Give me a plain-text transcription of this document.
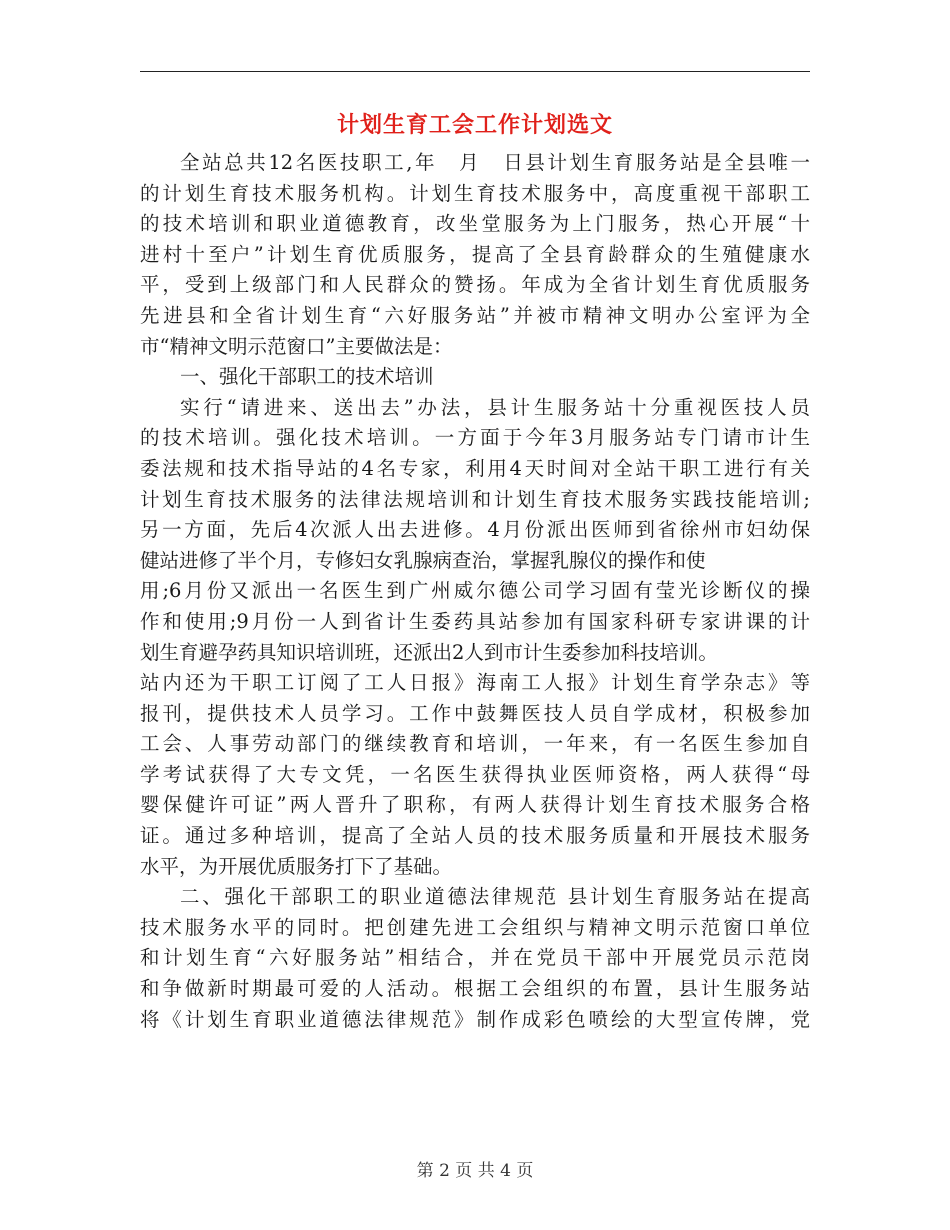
计划生育工会工作计划选文
全站总共12名医技职工,年　月　日县计划生育服务站是全县唯一
的计划生育技术服务机构。计划生育技术服务中，高度重视干部职工
的技术培训和职业道德教育，改坐堂服务为上门服务，热心开展“十
进村十至户”计划生育优质服务，提高了全县育龄群众的生殖健康水
平，受到上级部门和人民群众的赞扬。年成为全省计划生育优质服务
先进县和全省计划生育“六好服务站”并被市精神文明办公室评为全
市“精神文明示范窗口”主要做法是：
一、强化干部职工的技术培训
实行“请进来、送出去”办法，县计生服务站十分重视医技人员
的技术培训。强化技术培训。一方面于今年3月服务站专门请市计生
委法规和技术指导站的4名专家，利用4天时间对全站干职工进行有关
计划生育技术服务的法律法规培训和计划生育技术服务实践技能培训;
另一方面，先后4次派人出去进修。4月份派出医师到省徐州市妇幼保
健站进修了半个月，专修妇女乳腺病查治，掌握乳腺仪的操作和使
用;6月份又派出一名医生到广州威尔德公司学习固有莹光诊断仪的操
作和使用;9月份一人到省计生委药具站参加有国家科研专家讲课的计
划生育避孕药具知识培训班，还派出2人到市计生委参加科技培训。
站内还为干职工订阅了工人日报》海南工人报》计划生育学杂志》等
报刊，提供技术人员学习。工作中鼓舞医技人员自学成材，积极参加
工会、人事劳动部门的继续教育和培训，一年来，有一名医生参加自
学考试获得了大专文凭，一名医生获得执业医师资格，两人获得“母
婴保健许可证”两人晋升了职称，有两人获得计划生育技术服务合格
证。通过多种培训，提高了全站人员的技术服务质量和开展技术服务
水平，为开展优质服务打下了基础。
二、强化干部职工的职业道德法律规范 县计划生育服务站在提高
技术服务水平的同时。把创建先进工会组织与精神文明示范窗口单位
和计划生育“六好服务站”相结合，并在党员干部中开展党员示范岗
和争做新时期最可爱的人活动。根据工会组织的布置，县计生服务站
将《计划生育职业道德法律规范》制作成彩色喷绘的大型宣传牌，党
第 2 页 共 4 页
